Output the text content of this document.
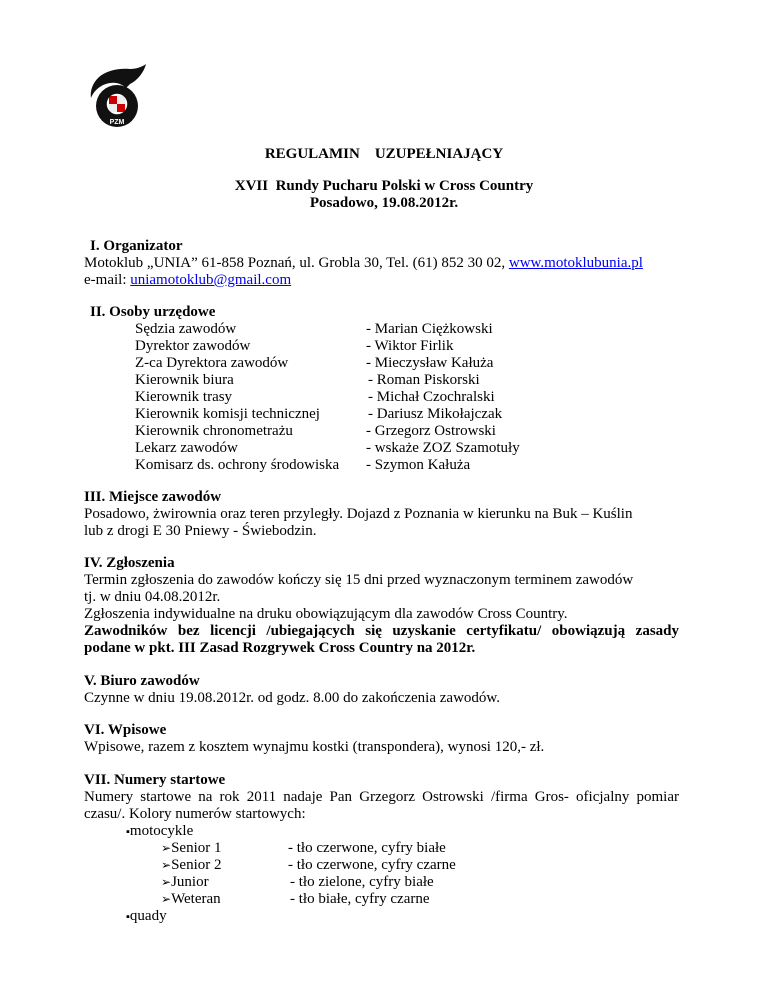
PZM
REGULAMIN    UZUPEŁNIAJĄCY
XVII  Rundy Pucharu Polski w Cross Country
Posadowo, 19.08.2012r.
I. Organizator
Motoklub „UNIA” 61-858 Poznań, ul. Grobla 30, Tel. (61) 852 30 02, www.motoklubunia.pl
e-mail: uniamotoklub@gmail.com
II. Osoby urzędowe
Sędzia zawodów	- Marian Ciężkowski
Dyrektor zawodów	- Wiktor Firlik
Z-ca Dyrektora zawodów	- Mieczysław Kałuża
Kierownik biura	- Roman Piskorski
Kierownik trasy	- Michał Czochralski
Kierownik komisji technicznej	- Dariusz Mikołajczak
Kierownik chronometrażu	- Grzegorz Ostrowski
Lekarz zawodów	- wskaże ZOZ Szamotuły
Komisarz ds. ochrony środowiska - Szymon Kałuża
III. Miejsce zawodów
Posadowo, żwirownia oraz teren przyległy. Dojazd z Poznania w kierunku na Buk – Kuślin
lub z drogi E 30 Pniewy - Świebodzin.
IV. Zgłoszenia
Termin zgłoszenia do zawodów kończy się 15 dni przed wyznaczonym terminem zawodów
tj. w dniu 04.08.2012r.
Zgłoszenia indywidualne na druku obowiązującym dla zawodów Cross Country.
Zawodników bez licencji /ubiegających się uzyskanie certyfikatu/ obowiązują zasady
podane w pkt. III Zasad Rozgrywek Cross Country na 2012r.
V. Biuro zawodów
Czynne w dniu 19.08.2012r. od godz. 8.00 do zakończenia zawodów.
VI. Wpisowe
Wpisowe, razem z kosztem wynajmu kostki (transpondera), wynosi 120,- zł.
VII. Numery startowe
Numery startowe na rok 2011 nadaje Pan Grzegorz Ostrowski /firma Gros- oficjalny pomiar
czasu/. Kolory numerów startowych:
▪motocykle
➢Senior 1	- tło czerwone, cyfry białe
➢Senior 2	- tło czerwone, cyfry czarne
➢Junior	- tło zielone, cyfry białe
➢Weteran	- tło białe, cyfry czarne
▪quady
